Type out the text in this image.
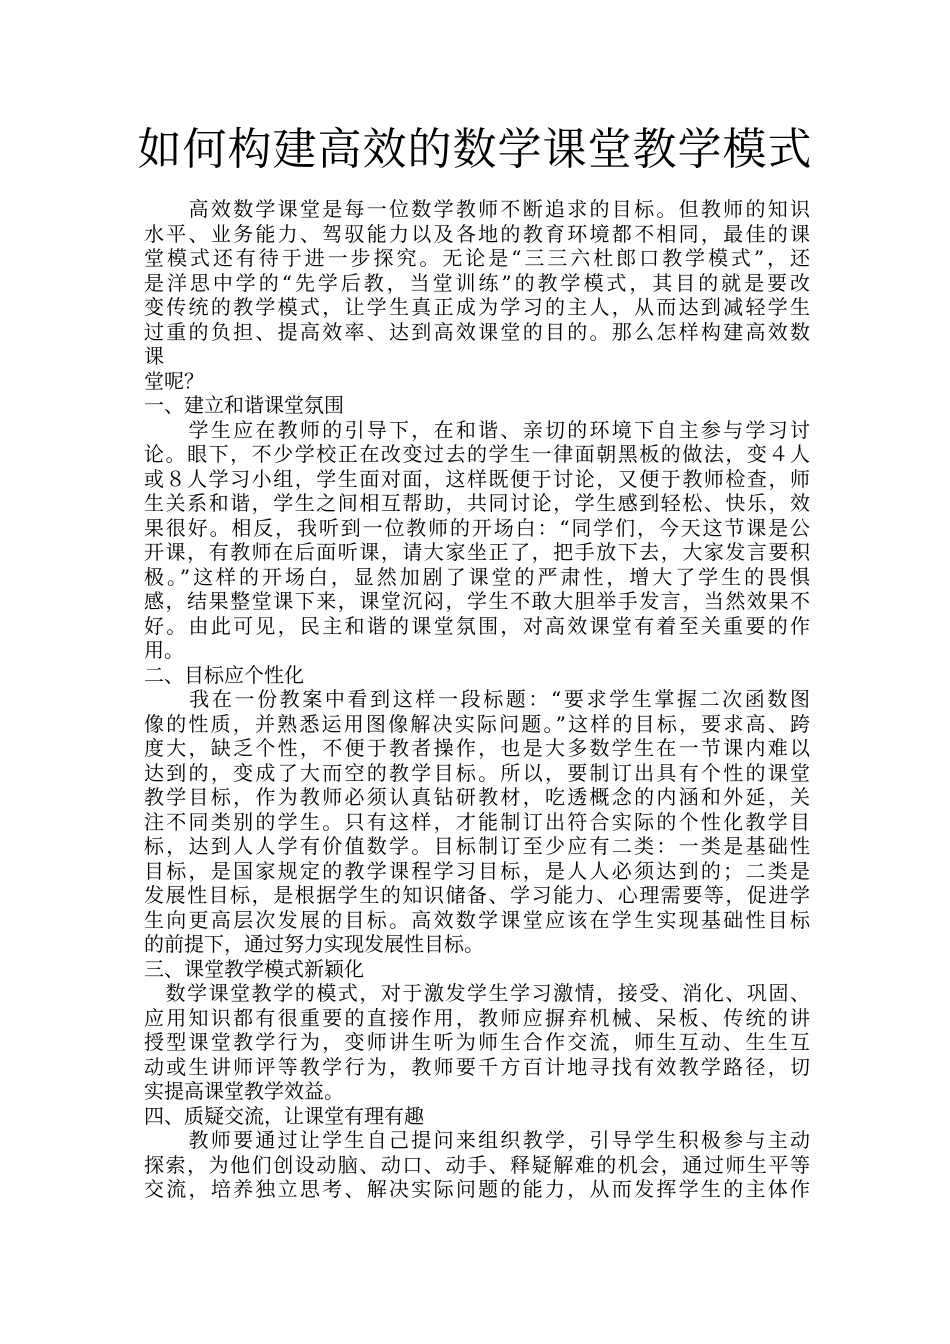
如何构建高效的数学课堂教学模式
　　高效数学课堂是每一位数学教师不断追求的目标。但教师的知识
水平、业务能力、驾驭能力以及各地的教育环境都不相同，最佳的课
堂模式还有待于进一步探究。无论是“三三六杜郎口教学模式”，还
是洋思中学的“先学后教，当堂训练”的教学模式，其目的就是要改
变传统的教学模式，让学生真正成为学习的主人，从而达到减轻学生
过重的负担、提高效率、达到高效课堂的目的。那么怎样构建高效数
课
堂呢？
一、建立和谐课堂氛围
　　学生应在教师的引导下，在和谐、亲切的环境下自主参与学习讨
论。眼下，不少学校正在改变过去的学生一律面朝黑板的做法，变４人
或８人学习小组，学生面对面，这样既便于讨论，又便于教师检查，师
生关系和谐，学生之间相互帮助，共同讨论，学生感到轻松、快乐，效
果很好。相反，我听到一位教师的开场白：“同学们，今天这节课是公
开课，有教师在后面听课，请大家坐正了，把手放下去，大家发言要积
极。”这样的开场白，显然加剧了课堂的严肃性，增大了学生的畏惧
感，结果整堂课下来，课堂沉闷，学生不敢大胆举手发言，当然效果不
好。由此可见，民主和谐的课堂氛围，对高效课堂有着至关重要的作
用。
二、目标应个性化
　　我在一份教案中看到这样一段标题：“要求学生掌握二次函数图
像的性质，并熟悉运用图像解决实际问题。”这样的目标，要求高、跨
度大，缺乏个性，不便于教者操作，也是大多数学生在一节课内难以
达到的，变成了大而空的教学目标。所以，要制订出具有个性的课堂
教学目标，作为教师必须认真钻研教材，吃透概念的内涵和外延，关
注不同类别的学生。只有这样，才能制订出符合实际的个性化教学目
标，达到人人学有价值数学。目标制订至少应有二类：一类是基础性
目标，是国家规定的教学课程学习目标，是人人必须达到的；二类是
发展性目标，是根据学生的知识储备、学习能力、心理需要等，促进学
生向更高层次发展的目标。高效数学课堂应该在学生实现基础性目标
的前提下，通过努力实现发展性目标。
三、课堂教学模式新颖化
　数学课堂教学的模式，对于激发学生学习激情，接受、消化、巩固、
应用知识都有很重要的直接作用，教师应摒弃机械、呆板、传统的讲
授型课堂教学行为，变师讲生听为师生合作交流，师生互动、生生互
动或生讲师评等教学行为，教师要千方百计地寻找有效教学路径，切
实提高课堂教学效益。
四、质疑交流，让课堂有理有趣
　　教师要通过让学生自己提问来组织教学，引导学生积极参与主动
探索，为他们创设动脑、动口、动手、释疑解难的机会，通过师生平等
交流，培养独立思考、解决实际问题的能力，从而发挥学生的主体作
